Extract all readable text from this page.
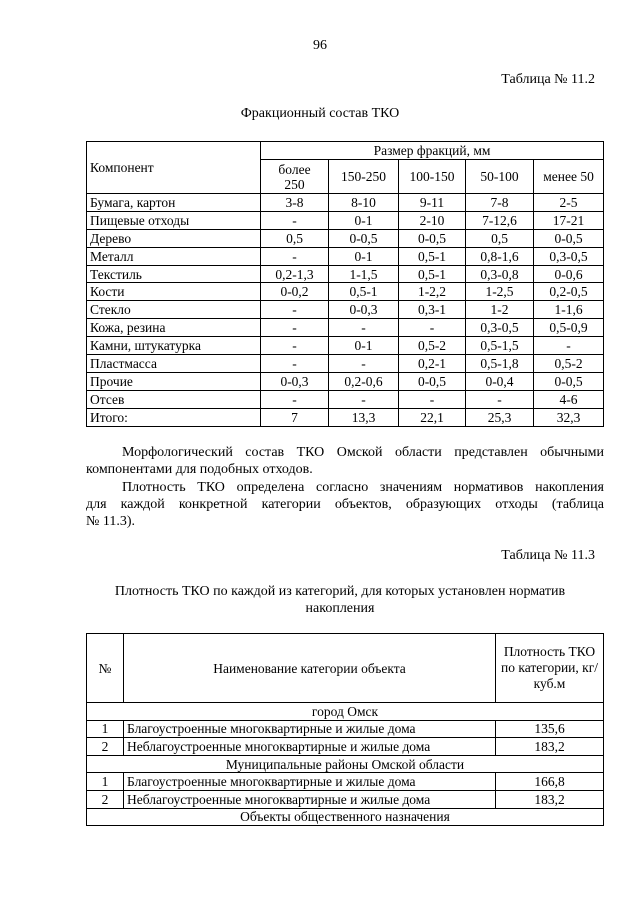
96
Таблица № 11.2
Фракционный состав ТКО
Компонент	Размер фракций, мм				
	более 250	150-250	100-150	50-100	менее 50
Бумага, картон	3-8	8-10	9-11	7-8	2-5
Пищевые отходы	-	0-1	2-10	7-12,6	17-21
Дерево	0,5	0-0,5	0-0,5	0,5	0-0,5
Металл	-	0-1	0,5-1	0,8-1,6	0,3-0,5
Текстиль	0,2-1,3	1-1,5	0,5-1	0,3-0,8	0-0,6
Кости	0-0,2	0,5-1	1-2,2	1-2,5	0,2-0,5
Стекло	-	0-0,3	0,3-1	1-2	1-1,6
Кожа, резина	-	-	-	0,3-0,5	0,5-0,9
Камни, штукатурка	-	0-1	0,5-2	0,5-1,5	-
Пластмасса	-	-	0,2-1	0,5-1,8	0,5-2
Прочие	0-0,3	0,2-0,6	0-0,5	0-0,4	0-0,5
Отсев	-	-	-	-	4-6
Итого:	7	13,3	22,1	25,3	32,3
Морфологический состав ТКО Омской области представлен обычными
компонентами для подобных отходов.
Плотность ТКО определена согласно значениям нормативов накопления
для каждой конкретной категории объектов, образующих отходы (таблица
№ 11.3).
Таблица № 11.3
Плотность ТКО по каждой из категорий, для которых установлен норматив
накопления
№	Наименование категории объекта	Плотность ТКО по категории, кг/куб.м
город Омск		
1	Благоустроенные многоквартирные и жилые дома	135,6
2	Неблагоустроенные многоквартирные и жилые дома	183,2
Муниципальные районы Омской области		
1	Благоустроенные многоквартирные и жилые дома	166,8
2	Неблагоустроенные многоквартирные и жилые дома	183,2
Объекты общественного назначения		
